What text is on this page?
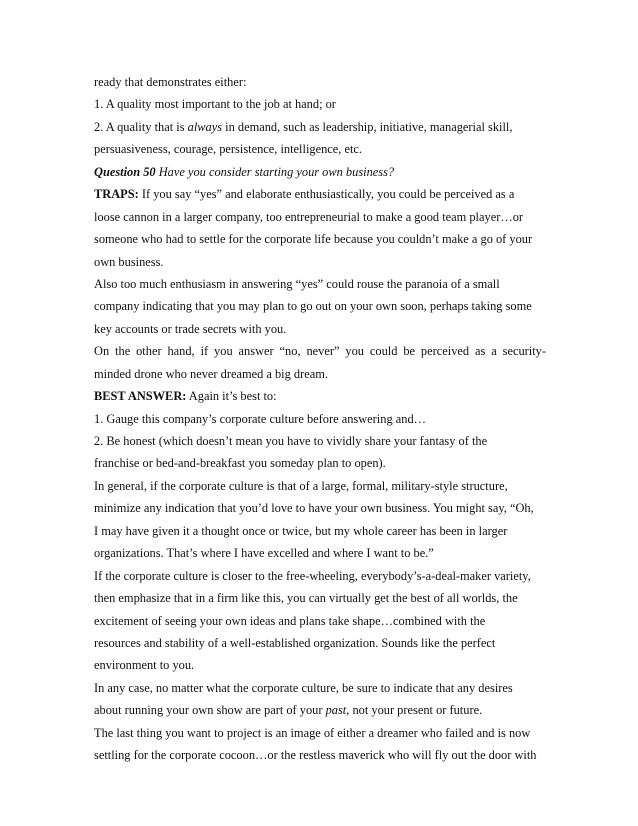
ready that demonstrates either:
1. A quality most important to the job at hand; or
2. A quality that is always in demand, such as leadership, initiative, managerial skill,
persuasiveness, courage, persistence, intelligence, etc.
Question 50 Have you consider starting your own business?
TRAPS: If you say “yes” and elaborate enthusiastically, you could be perceived as a
loose cannon in a larger company, too entrepreneurial to make a good team player…or
someone who had to settle for the corporate life because you couldn’t make a go of your
own business.
Also too much enthusiasm in answering “yes” could rouse the paranoia of a small
company indicating that you may plan to go out on your own soon, perhaps taking some
key accounts or trade secrets with you.
On the other hand, if you answer “no, never” you could be perceived as a security-
minded drone who never dreamed a big dream.
BEST ANSWER: Again it’s best to:
1. Gauge this company’s corporate culture before answering and…
2. Be honest (which doesn’t mean you have to vividly share your fantasy of the
franchise or bed-and-breakfast you someday plan to open).
In general, if the corporate culture is that of a large, formal, military-style structure,
minimize any indication that you’d love to have your own business. You might say, “Oh,
I may have given it a thought once or twice, but my whole career has been in larger
organizations. That’s where I have excelled and where I want to be.”
If the corporate culture is closer to the free-wheeling, everybody’s-a-deal-maker variety,
then emphasize that in a firm like this, you can virtually get the best of all worlds, the
excitement of seeing your own ideas and plans take shape…combined with the
resources and stability of a well-established organization. Sounds like the perfect
environment to you.
In any case, no matter what the corporate culture, be sure to indicate that any desires
about running your own show are part of your past, not your present or future.
The last thing you want to project is an image of either a dreamer who failed and is now
settling for the corporate cocoon…or the restless maverick who will fly out the door with
